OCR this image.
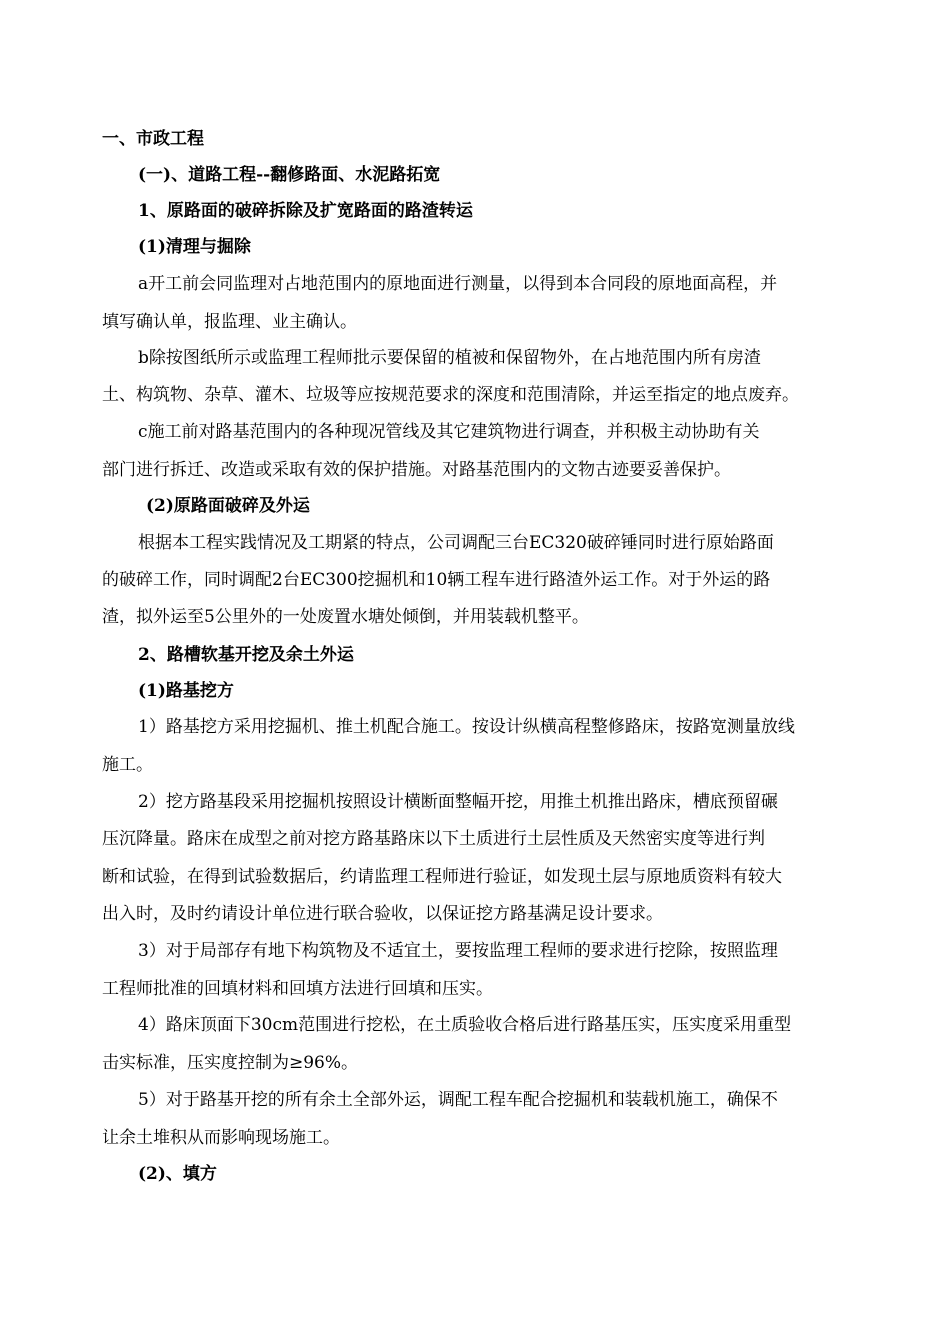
一、市政工程
(一)、道路工程--翻修路面、水泥路拓宽
1、原路面的破碎拆除及扩宽路面的路渣转运
(1)清理与掘除
a开工前会同监理对占地范围内的原地面进行测量，以得到本合同段的原地面高程，并
填写确认单，报监理、业主确认。
b除按图纸所示或监理工程师批示要保留的植被和保留物外，在占地范围内所有房渣
土、构筑物、杂草、灌木、垃圾等应按规范要求的深度和范围清除，并运至指定的地点废弃。
c施工前对路基范围内的各种现况管线及其它建筑物进行调查，并积极主动协助有关
部门进行拆迁、改造或采取有效的保护措施。对路基范围内的文物古迹要妥善保护。
(2)原路面破碎及外运
根据本工程实践情况及工期紧的特点，公司调配三台EC320破碎锤同时进行原始路面
的破碎工作，同时调配2台EC300挖掘机和10辆工程车进行路渣外运工作。对于外运的路
渣，拟外运至5公里外的一处废置水塘处倾倒，并用装载机整平。
2、路槽软基开挖及余土外运
(1)路基挖方
1）路基挖方采用挖掘机、推土机配合施工。按设计纵横高程整修路床，按路宽测量放线
施工。
2）挖方路基段采用挖掘机按照设计横断面整幅开挖，用推土机推出路床，槽底预留碾
压沉降量。路床在成型之前对挖方路基路床以下土质进行土层性质及天然密实度等进行判
断和试验，在得到试验数据后，约请监理工程师进行验证，如发现土层与原地质资料有较大
出入时，及时约请设计单位进行联合验收，以保证挖方路基满足设计要求。
3）对于局部存有地下构筑物及不适宜土，要按监理工程师的要求进行挖除，按照监理
工程师批准的回填材料和回填方法进行回填和压实。
4）路床顶面下30cm范围进行挖松，在土质验收合格后进行路基压实，压实度采用重型
击实标准，压实度控制为≥96%。
5）对于路基开挖的所有余土全部外运，调配工程车配合挖掘机和装载机施工，确保不
让余土堆积从而影响现场施工。
(2)、填方
